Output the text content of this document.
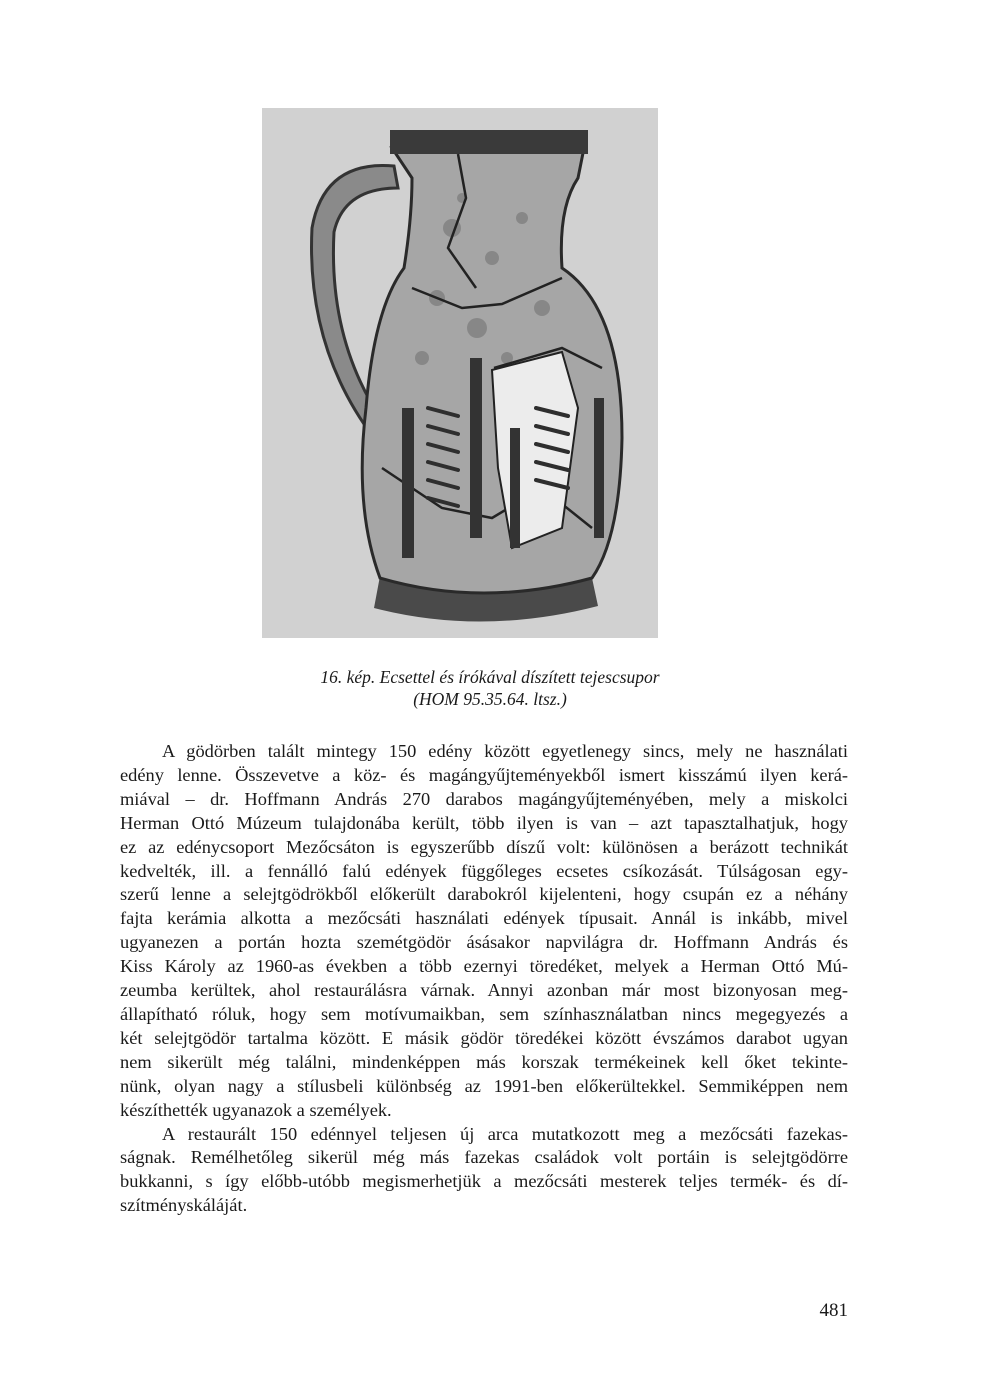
16. kép. Ecsettel és írókával díszített tejescsupor
(HOM 95.35.64. ltsz.)
A gödörben talált mintegy 150 edény között egyetlenegy sincs, mely ne használati
edény lenne. Összevetve a köz- és magángyűjteményekből ismert kisszámú ilyen kerá-
miával – dr. Hoffmann András 270 darabos magángyűjteményében, mely a miskolci
Herman Ottó Múzeum tulajdonába került, több ilyen is van – azt tapasztalhatjuk, hogy
ez az edénycsoport Mezőcsáton is egyszerűbb díszű volt: különösen a berázott technikát
kedvelték, ill. a fennálló falú edények függőleges ecsetes csíkozását. Túlságosan egy-
szerű lenne a selejtgödrökből előkerült darabokról kijelenteni, hogy csupán ez a néhány
fajta kerámia alkotta a mezőcsáti használati edények típusait. Annál is inkább, mivel
ugyanezen a portán hozta szemétgödör ásásakor napvilágra dr. Hoffmann András és
Kiss Károly az 1960-as években a több ezernyi töredéket, melyek a Herman Ottó Mú-
zeumba kerültek, ahol restaurálásra várnak. Annyi azonban már most bizonyosan meg-
állapítható róluk, hogy sem motívumaikban, sem színhasználatban nincs megegyezés a
két selejtgödör tartalma között. E másik gödör töredékei között évszámos darabot ugyan
nem sikerült még találni, mindenképpen más korszak termékeinek kell őket tekinte-
nünk, olyan nagy a stílusbeli különbség az 1991-ben előkerültekkel. Semmiképpen nem
készíthették ugyanazok a személyek.
A restaurált 150 edénnyel teljesen új arca mutatkozott meg a mezőcsáti fazekas-
ságnak. Remélhetőleg sikerül még más fazekas családok volt portáin is selejtgödörre
bukkanni, s így előbb-utóbb megismerhetjük a mezőcsáti mesterek teljes termék- és dí-
szítményskáláját.
481
